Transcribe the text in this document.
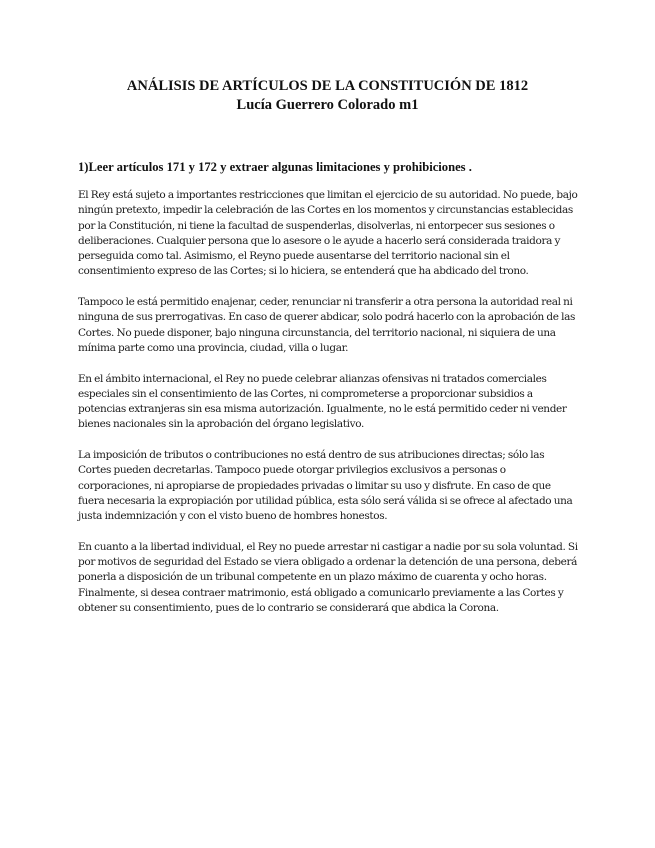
ANÁLISIS DE ARTÍCULOS DE LA CONSTITUCIÓN DE 1812
Lucía Guerrero Colorado m1
1)Leer artículos 171 y 172 y extraer algunas limitaciones y prohibiciones .

El Rey está sujeto a importantes restricciones que limitan el ejercicio de su autoridad. No puede, bajo ningún pretexto, impedir la celebración de las Cortes en los momentos y circunstancias establecidas por la Constitución, ni tiene la facultad de suspenderlas, disolverlas, ni entorpecer sus sesiones o deliberaciones. Cualquier persona que lo asesore o le ayude a hacerlo será considerada traidora y perseguida como tal. Asimismo, el Reyno puede ausentarse del territorio nacional sin el consentimiento expreso de las Cortes; si lo hiciera, se entenderá que ha abdicado del trono.

Tampoco le está permitido enajenar, ceder, renunciar ni transferir a otra persona la autoridad real ni ninguna de sus prerrogativas. En caso de querer abdicar, solo podrá hacerlo con la aprobación de las Cortes. No puede disponer, bajo ninguna circunstancia, del territorio nacional, ni siquiera de una mínima parte como una provincia, ciudad, villa o lugar.

En el ámbito internacional, el Rey no puede celebrar alianzas ofensivas ni tratados comerciales especiales sin el consentimiento de las Cortes, ni comprometerse a proporcionar subsidios a potencias extranjeras sin esa misma autorización. Igualmente, no le está permitido ceder ni vender bienes nacionales sin la aprobación del órgano legislativo.

La imposición de tributos o contribuciones no está dentro de sus atribuciones directas; sólo las Cortes pueden decretarlas. Tampoco puede otorgar privilegios exclusivos a personas o corporaciones, ni apropiarse de propiedades privadas o limitar su uso y disfrute. En caso de que fuera necesaria la expropiación por utilidad pública, esta sólo será válida si se ofrece al afectado una justa indemnización y con el visto bueno de hombres honestos.

En cuanto a la libertad individual, el Rey no puede arrestar ni castigar a nadie por su sola voluntad. Si por motivos de seguridad del Estado se viera obligado a ordenar la detención de una persona, deberá ponerla a disposición de un tribunal competente en un plazo máximo de cuarenta y ocho horas. Finalmente, si desea contraer matrimonio, está obligado a comunicarlo previamente a las Cortes y obtener su consentimiento, pues de lo contrario se considerará que abdica la Corona.
